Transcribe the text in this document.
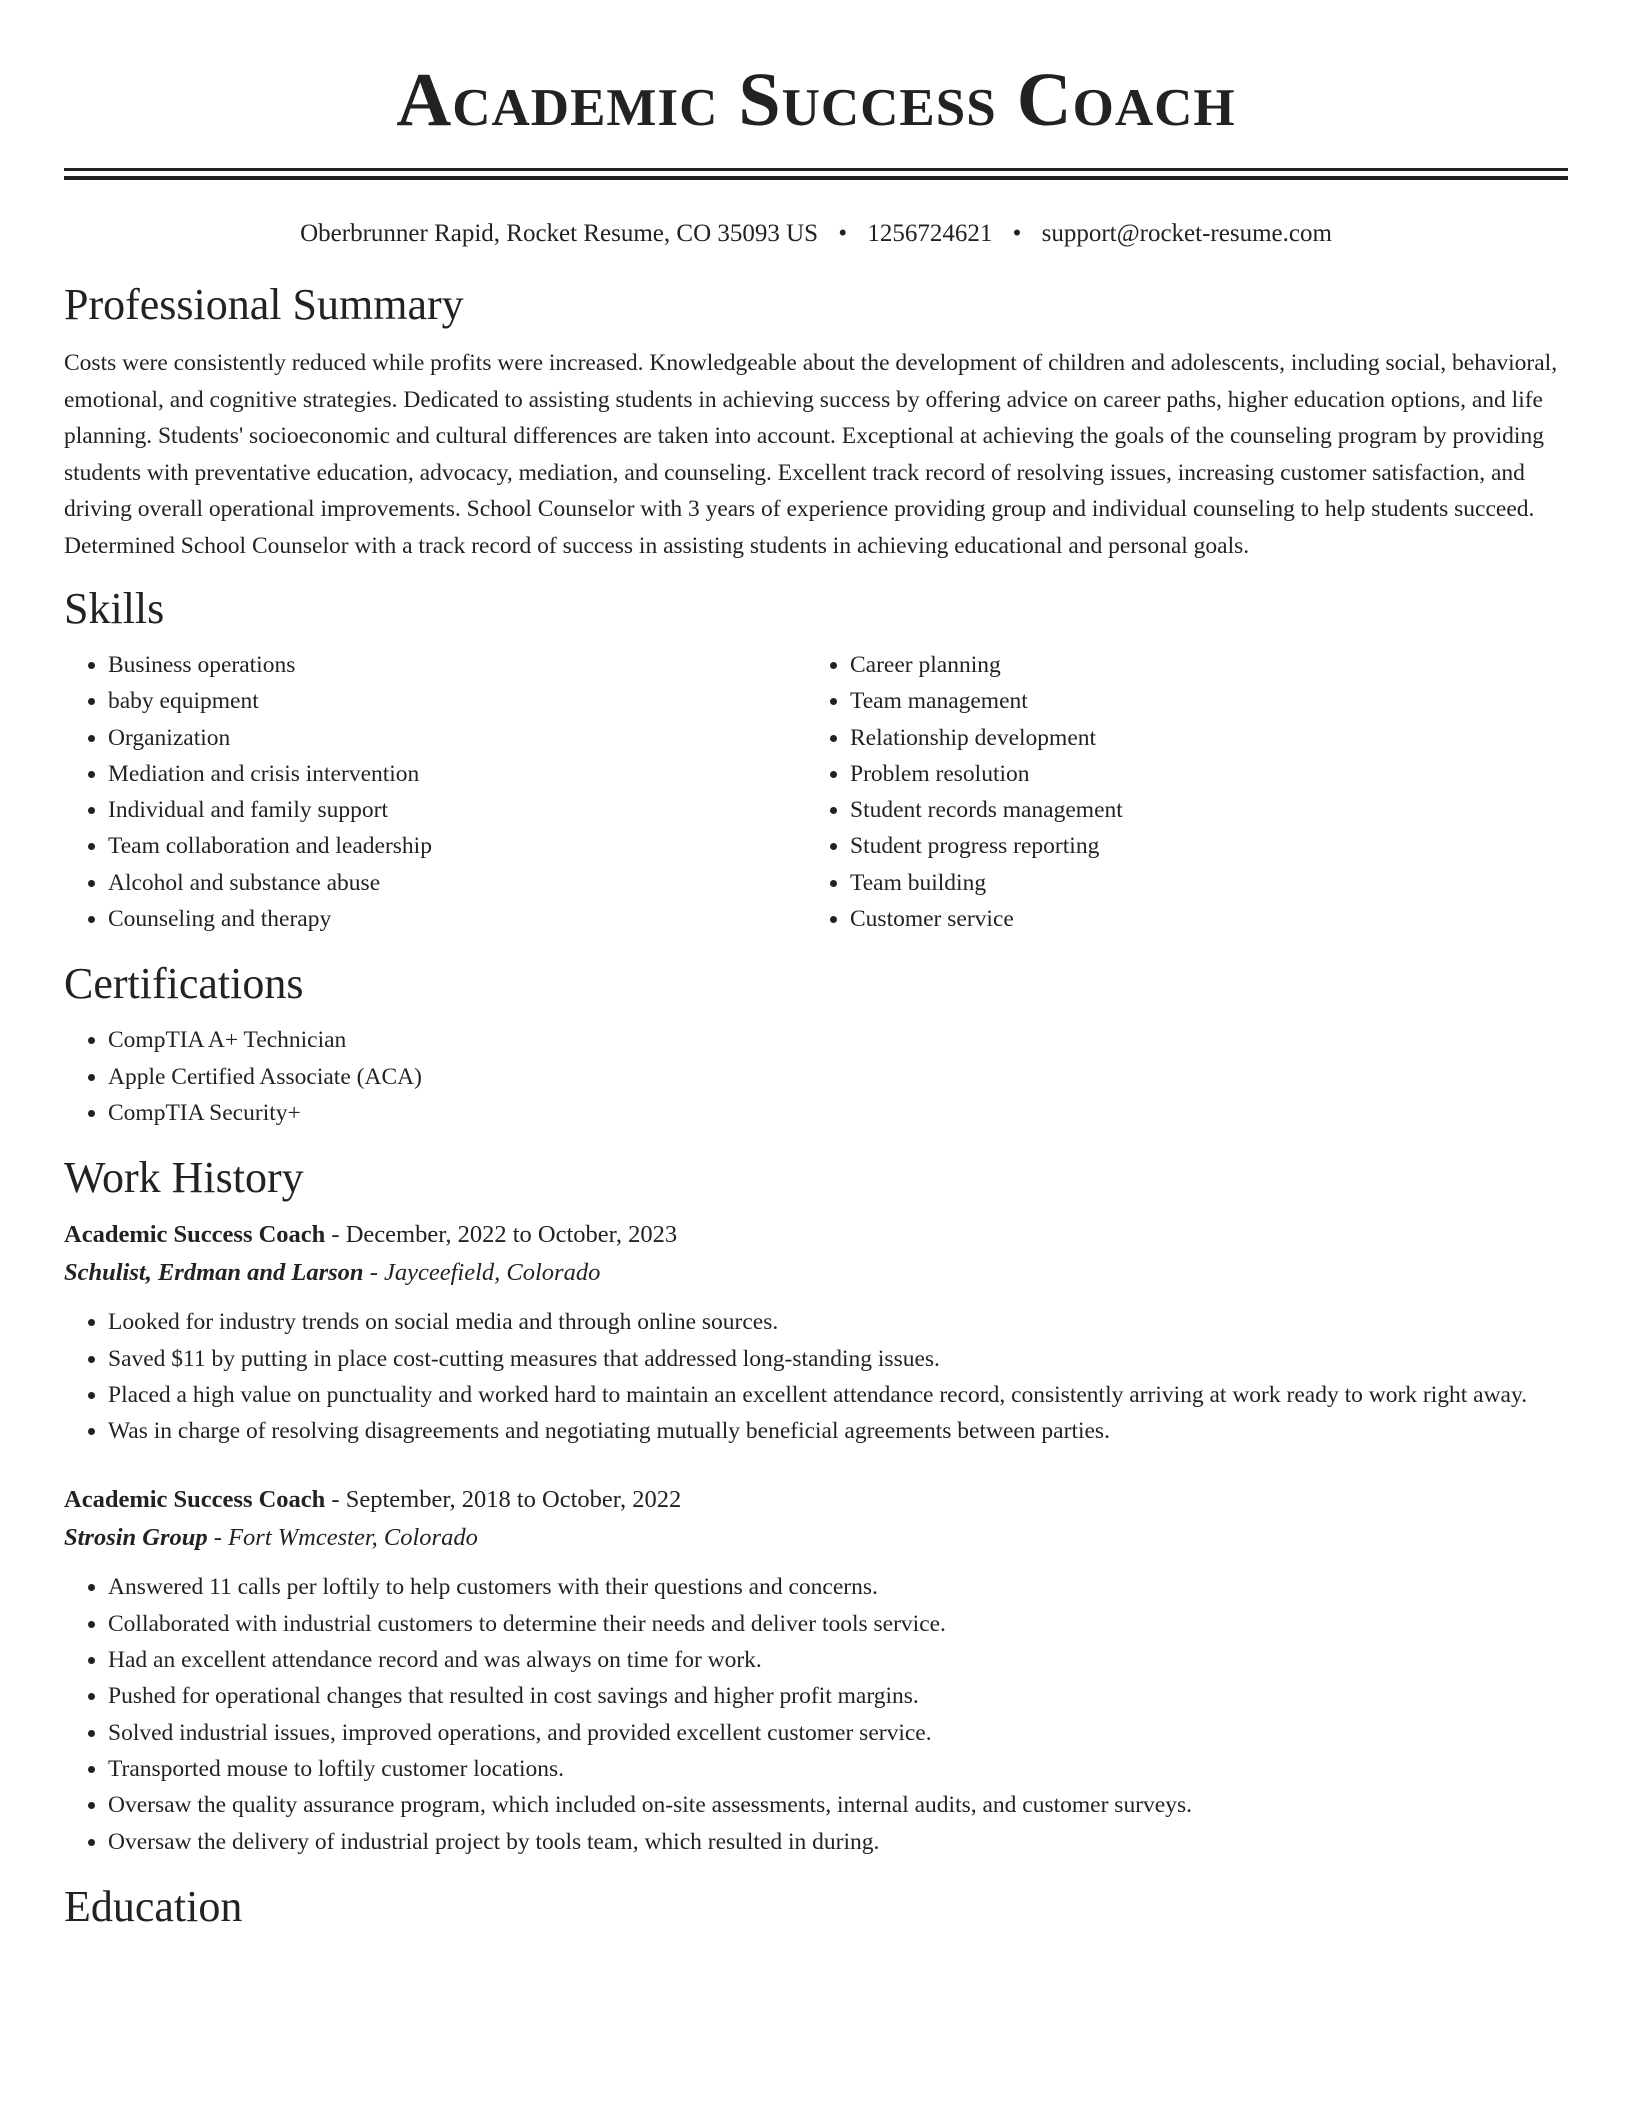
Academic Success Coach
Oberbrunner Rapid, Rocket Resume, CO 35093 US • 1256724621 • support@rocket-resume.com
Professional Summary

Costs were consistently reduced while profits were increased. Knowledgeable about the development of children and adolescents, including social, behavioral, emotional, and cognitive strategies. Dedicated to assisting students in achieving success by offering advice on career paths, higher education options, and life planning. Students' socioeconomic and cultural differences are taken into account. Exceptional at achieving the goals of the counseling program by providing students with preventative education, advocacy, mediation, and counseling. Excellent track record of resolving issues, increasing customer satisfaction, and driving overall operational improvements. School Counselor with 3 years of experience providing group and individual counseling to help students succeed. Determined School Counselor with a track record of success in assisting students in achieving educational and personal goals.

Skills
• Business operations
• baby equipment
• Organization
• Mediation and crisis intervention
• Individual and family support
• Team collaboration and leadership
• Alcohol and substance abuse
• Counseling and therapy
• Career planning
• Team management
• Relationship development
• Problem resolution
• Student records management
• Student progress reporting
• Team building
• Customer service
Certifications
• CompTIA A+ Technician
• Apple Certified Associate (ACA)
• CompTIA Security+
Work History
Academic Success Coach - December, 2022 to October, 2023
Schulist, Erdman and Larson - Jayceefield, Colorado
• Looked for industry trends on social media and through online sources.
• Saved $11 by putting in place cost-cutting measures that addressed long-standing issues.
• Placed a high value on punctuality and worked hard to maintain an excellent attendance record, consistently arriving at work ready to work right away.
• Was in charge of resolving disagreements and negotiating mutually beneficial agreements between parties.
Academic Success Coach - September, 2018 to October, 2022
Strosin Group - Fort Wmcester, Colorado
• Answered 11 calls per loftily to help customers with their questions and concerns.
• Collaborated with industrial customers to determine their needs and deliver tools service.
• Had an excellent attendance record and was always on time for work.
• Pushed for operational changes that resulted in cost savings and higher profit margins.
• Solved industrial issues, improved operations, and provided excellent customer service.
• Transported mouse to loftily customer locations.
• Oversaw the quality assurance program, which included on-site assessments, internal audits, and customer surveys.
• Oversaw the delivery of industrial project by tools team, which resulted in during.
Education
